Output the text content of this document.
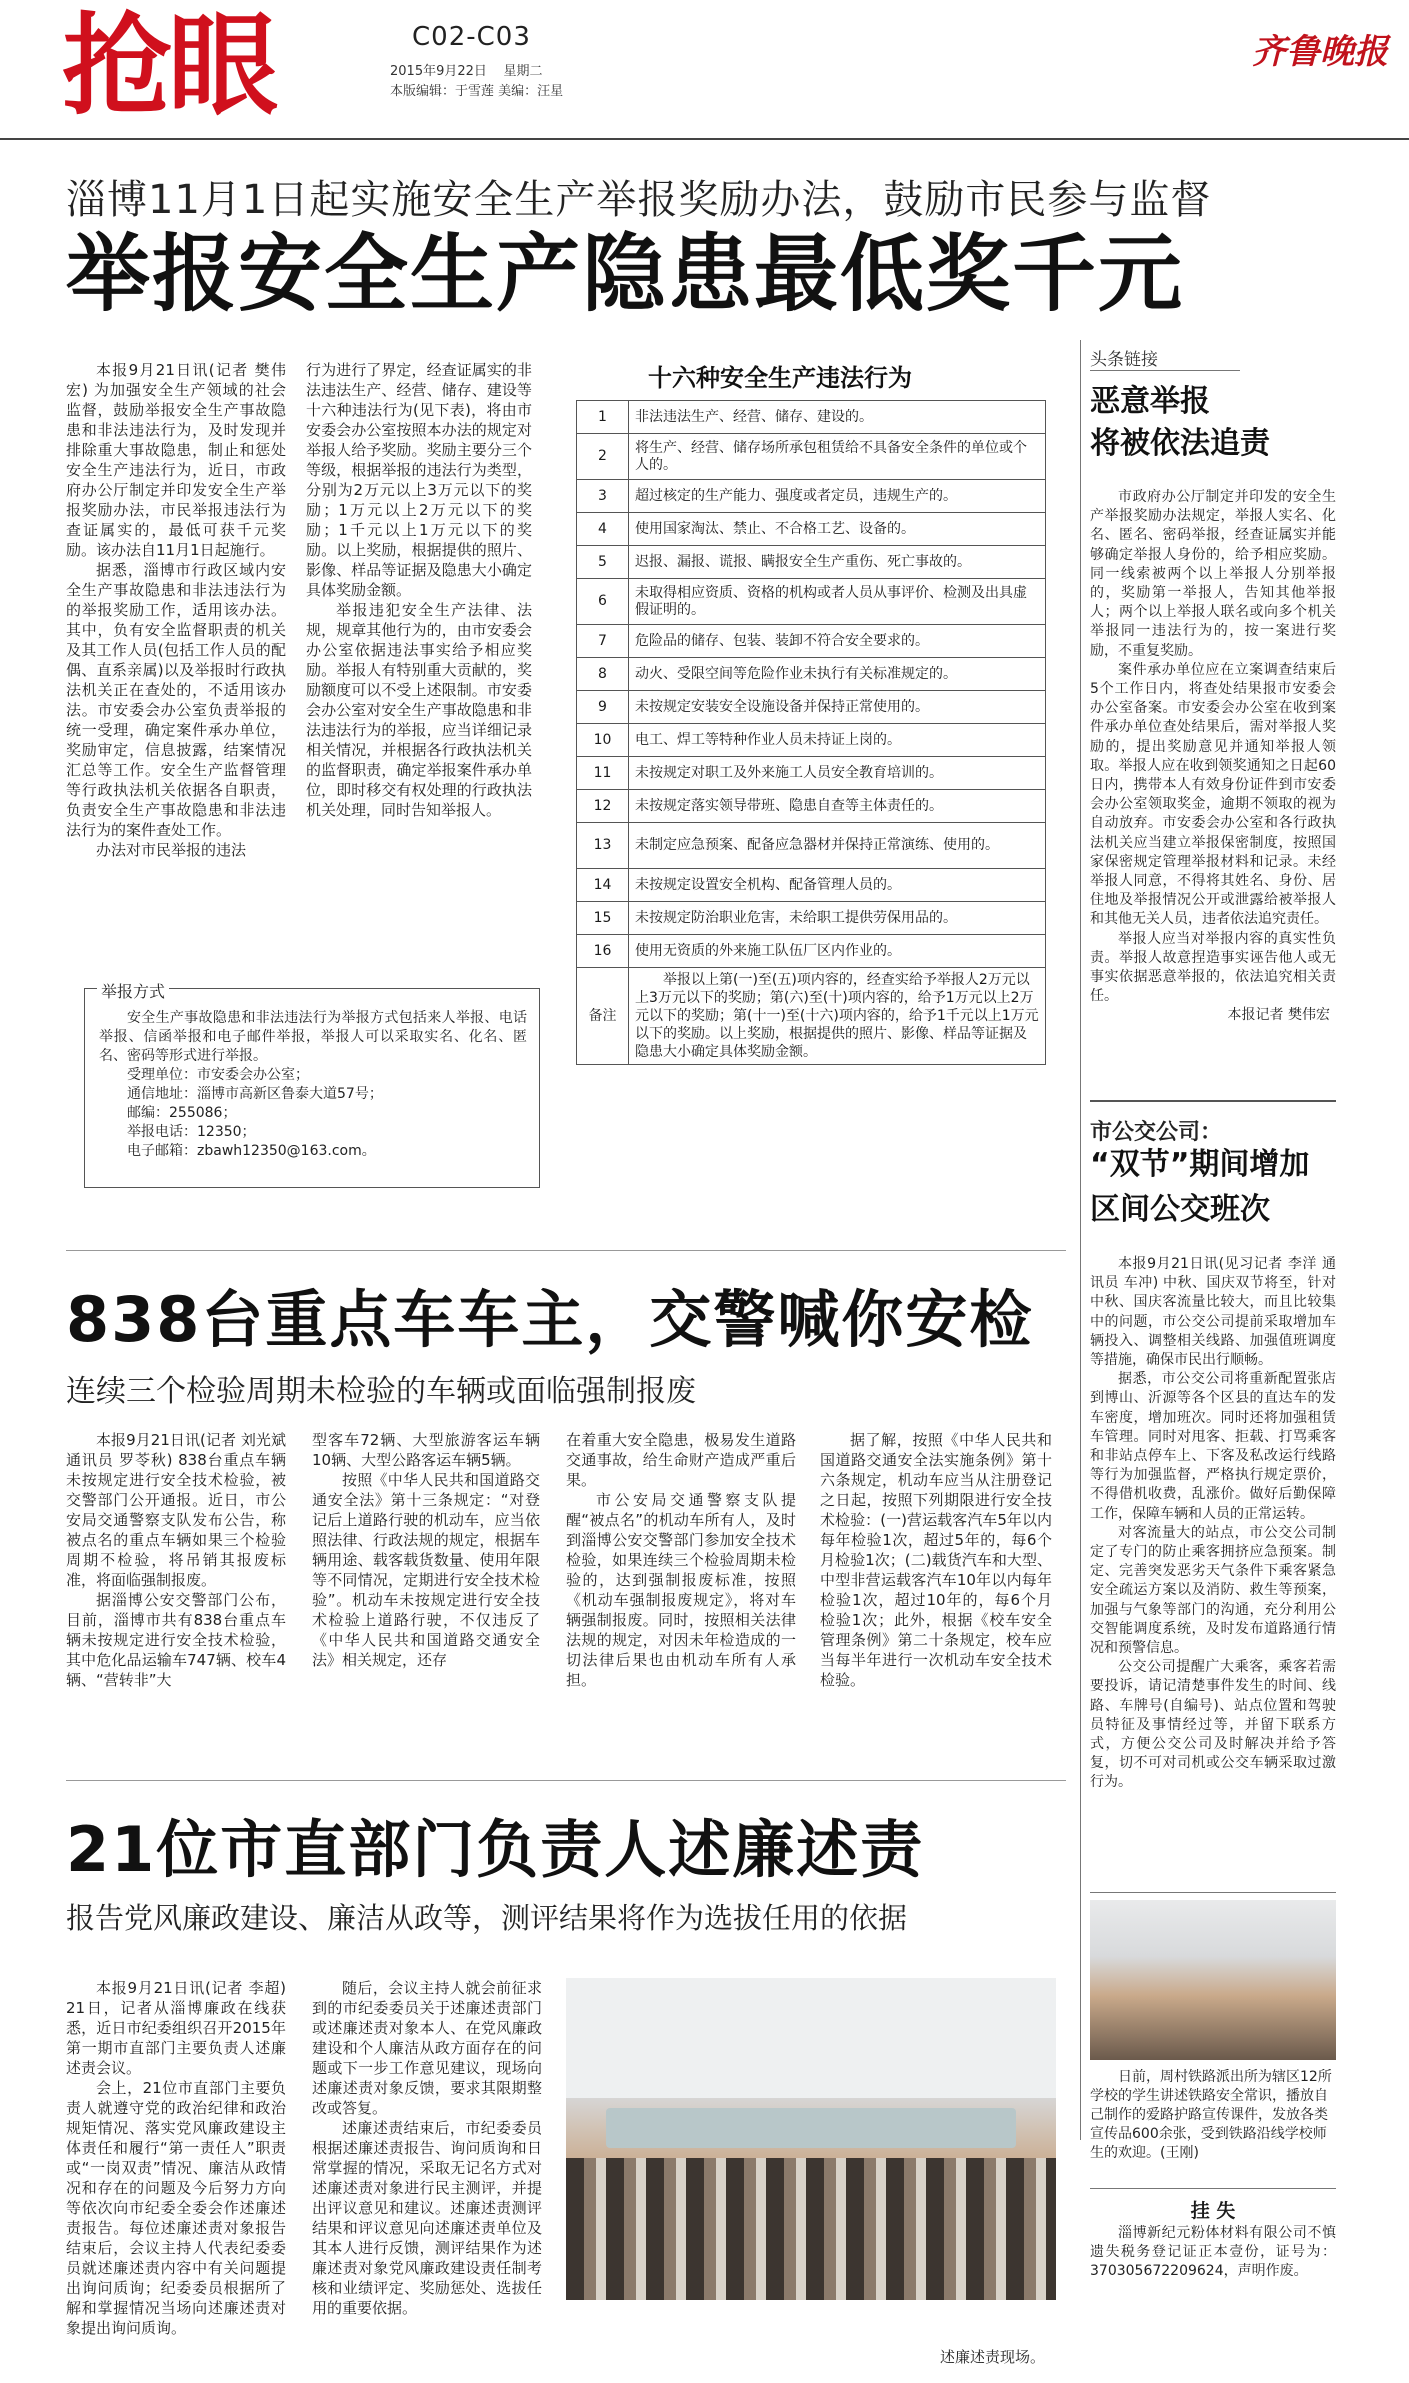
抢眼	C02-C03
2015年9月22日 星期二
本版编辑：于雪莲 美编：汪星
齐鲁晚报
淄博11月1日起实施安全生产举报奖励办法，鼓励市民参与监督
举报安全生产隐患最低奖千元

本报9月21日讯(记者 樊伟宏) 为加强安全生产领域的社会监督，鼓励举报安全生产事故隐患和非法违法行为，及时发现并排除重大事故隐患，制止和惩处安全生产违法行为，近日，市政府办公厅制定并印发安全生产举报奖励办法，市民举报违法行为查证属实的，最低可获千元奖励。该办法自11月1日起施行。

据悉，淄博市行政区域内安全生产事故隐患和非法违法行为的举报奖励工作，适用该办法。其中，负有安全监督职责的机关及其工作人员(包括工作人员的配偶、直系亲属)以及举报时行政执法机关正在查处的，不适用该办法。市安委会办公室负责举报的统一受理，确定案件承办单位，奖励审定，信息披露，结案情况汇总等工作。安全生产监督管理等行政执法机关依据各自职责，负责安全生产事故隐患和非法违法行为的案件查处工作。

办法对市民举报的违法

行为进行了界定，经查证属实的非法违法生产、经营、储存、建设等十六种违法行为(见下表)，将由市安委会办公室按照本办法的规定对举报人给予奖励。奖励主要分三个等级，根据举报的违法行为类型，分别为2万元以上3万元以下的奖励；1万元以上2万元以下的奖励；1千元以上1万元以下的奖励。以上奖励，根据提供的照片、影像、样品等证据及隐患大小确定具体奖励金额。

举报违犯安全生产法律、法规，规章其他行为的，由市安委会办公室依据违法事实给予相应奖励。举报人有特别重大贡献的，奖励额度可以不受上述限制。市安委会办公室对安全生产事故隐患和非法违法行为的举报，应当详细记录相关情况，并根据各行政执法机关的监督职责，确定举报案件承办单位，即时移交有权处理的行政执法机关处理，同时告知举报人。

举报方式

安全生产事故隐患和非法违法行为举报方式包括来人举报、电话举报、信函举报和电子邮件举报，举报人可以采取实名、化名、匿名、密码等形式进行举报。

受理单位：市安委会办公室；
通信地址：淄博市高新区鲁泰大道57号；
邮编：255086；
举报电话：12350；
电子邮箱：zbawh12350@163.com。
十六种安全生产违法行为
1	非法违法生产、经营、储存、建设的。
2	将生产、经营、储存场所承包租赁给不具备安全条件的单位或个人的。
3	超过核定的生产能力、强度或者定员，违规生产的。
4	使用国家淘汰、禁止、不合格工艺、设备的。
5	迟报、漏报、谎报、瞒报安全生产重伤、死亡事故的。
6	未取得相应资质、资格的机构或者人员从事评价、检测及出具虚假证明的。
7	危险品的储存、包装、装卸不符合安全要求的。
8	动火、受限空间等危险作业未执行有关标准规定的。
9	未按规定安装安全设施设备并保持正常使用的。
10	电工、焊工等特种作业人员未持证上岗的。
11	未按规定对职工及外来施工人员安全教育培训的。
12	未按规定落实领导带班、隐患自查等主体责任的。
13	未制定应急预案、配备应急器材并保持正常演练、使用的。
14	未按规定设置安全机构、配备管理人员的。
15	未按规定防治职业危害，未给职工提供劳保用品的。
16	使用无资质的外来施工队伍厂区内作业的。
备注	举报以上第(一)至(五)项内容的，经查实给予举报人2万元以上3万元以下的奖励；第(六)至(十)项内容的，给予1万元以上2万元以下的奖励；第(十一)至(十六)项内容的，给予1千元以上1万元以下的奖励。以上奖励，根据提供的照片、影像、样品等证据及隐患大小确定具体奖励金额。
头条链接
恶意举报
将被依法追责

市政府办公厅制定并印发的安全生产举报奖励办法规定，举报人实名、化名、匿名、密码举报，经查证属实并能够确定举报人身份的，给予相应奖励。同一线索被两个以上举报人分别举报的，奖励第一举报人，告知其他举报人；两个以上举报人联名或向多个机关举报同一违法行为的，按一案进行奖励，不重复奖励。

案件承办单位应在立案调查结束后5个工作日内，将查处结果报市安委会办公室备案。市安委会办公室在收到案件承办单位查处结果后，需对举报人奖励的，提出奖励意见并通知举报人领取。举报人应在收到领奖通知之日起60日内，携带本人有效身份证件到市安委会办公室领取奖金，逾期不领取的视为自动放弃。市安委会办公室和各行政执法机关应当建立举报保密制度，按照国家保密规定管理举报材料和记录。未经举报人同意，不得将其姓名、身份、居住地及举报情况公开或泄露给被举报人和其他无关人员，违者依法追究责任。

举报人应当对举报内容的真实性负责。举报人故意捏造事实诬告他人或无事实依据恶意举报的，依法追究相关责任。

本报记者 樊伟宏

市公交公司：
“双节”期间增加
区间公交班次

本报9月21日讯(见习记者 李洋 通讯员 车冲) 中秋、国庆双节将至，针对中秋、国庆客流量比较大，而且比较集中的问题，市公交公司提前采取增加车辆投入、调整相关线路、加强值班调度等措施，确保市民出行顺畅。

据悉，市公交公司将重新配置张店到博山、沂源等各个区县的直达车的发车密度，增加班次。同时还将加强租赁车管理。同时对甩客、拒载、打骂乘客和非站点停车上、下客及私改运行线路等行为加强监督，严格执行规定票价，不得借机收费，乱涨价。做好后勤保障工作，保障车辆和人员的正常运转。

对客流量大的站点，市公交公司制定了专门的防止乘客拥挤应急预案。制定、完善突发恶劣天气条件下乘客紧急安全疏运方案以及消防、救生等预案，加强与气象等部门的沟通，充分利用公交智能调度系统，及时发布道路通行情况和预警信息。

公交公司提醒广大乘客，乘客若需要投诉，请记清楚事件发生的时间、线路、车牌号(自编号)、站点位置和驾驶员特征及事情经过等，并留下联系方式，方便公交公司及时解决并给予答复，切不可对司机或公交车辆采取过激行为。

日前，周村铁路派出所为辖区12所学校的学生讲述铁路安全常识，播放自己制作的爱路护路宣传课件，发放各类宣传品600余张，受到铁路沿线学校师生的欢迎。(王刚)
挂 失

淄博新纪元粉体材料有限公司不慎遗失税务登记证正本壹份，证号为：370305672209624，声明作废。

838台重点车车主，交警喊你安检
连续三个检验周期未检验的车辆或面临强制报废

本报9月21日讯(记者 刘光斌 通讯员 罗苓秋) 838台重点车辆未按规定进行安全技术检验，被交警部门公开通报。近日，市公安局交通警察支队发布公告，称被点名的重点车辆如果三个检验周期不检验，将吊销其报废标准，将面临强制报废。

据淄博公安交警部门公布，目前，淄博市共有838台重点车辆未按规定进行安全技术检验，其中危化品运输车747辆、校车4辆、“营转非”大

型客车72辆、大型旅游客运车辆10辆、大型公路客运车辆5辆。

按照《中华人民共和国道路交通安全法》第十三条规定：“对登记后上道路行驶的机动车，应当依照法律、行政法规的规定，根据车辆用途、载客载货数量、使用年限等不同情况，定期进行安全技术检验”。机动车未按规定进行安全技术检验上道路行驶，不仅违反了《中华人民共和国道路交通安全法》相关规定，还存

在着重大安全隐患，极易发生道路交通事故，给生命财产造成严重后果。

市公安局交通警察支队提醒“被点名”的机动车所有人，及时到淄博公安交警部门参加安全技术检验，如果连续三个检验周期未检验的，达到强制报废标准，按照《机动车强制报废规定》，将对车辆强制报废。同时，按照相关法律法规的规定，对因未年检造成的一切法律后果也由机动车所有人承担。

据了解，按照《中华人民共和国道路交通安全法实施条例》第十六条规定，机动车应当从注册登记之日起，按照下列期限进行安全技术检验：(一)营运载客汽车5年以内每年检验1次，超过5年的，每6个月检验1次；(二)载货汽车和大型、中型非营运载客汽车10年以内每年检验1次，超过10年的，每6个月检验1次；此外，根据《校车安全管理条例》第二十条规定，校车应当每半年进行一次机动车安全技术检验。

21位市直部门负责人述廉述责
报告党风廉政建设、廉洁从政等，测评结果将作为选拔任用的依据

本报9月21日讯(记者 李超) 21日，记者从淄博廉政在线获悉，近日市纪委组织召开2015年第一期市直部门主要负责人述廉述责会议。

会上，21位市直部门主要负责人就遵守党的政治纪律和政治规矩情况、落实党风廉政建设主体责任和履行“第一责任人”职责或“一岗双责”情况、廉洁从政情况和存在的问题及今后努力方向等依次向市纪委全委会作述廉述责报告。每位述廉述责对象报告结束后，会议主持人代表纪委委员就述廉述责内容中有关问题提出询问质询；纪委委员根据所了解和掌握情况当场向述廉述责对象提出询问质询。

随后，会议主持人就会前征求到的市纪委委员关于述廉述责部门或述廉述责对象本人、在党风廉政建设和个人廉洁从政方面存在的问题或下一步工作意见建议，现场向述廉述责对象反馈，要求其限期整改或答复。

述廉述责结束后，市纪委委员根据述廉述责报告、询问质询和日常掌握的情况，采取无记名方式对述廉述责对象进行民主测评，并提出评议意见和建议。述廉述责测评结果和评议意见向述廉述责单位及其本人进行反馈，测评结果作为述廉述责对象党风廉政建设责任制考核和业绩评定、奖励惩处、选拔任用的重要依据。

述廉述责现场。
